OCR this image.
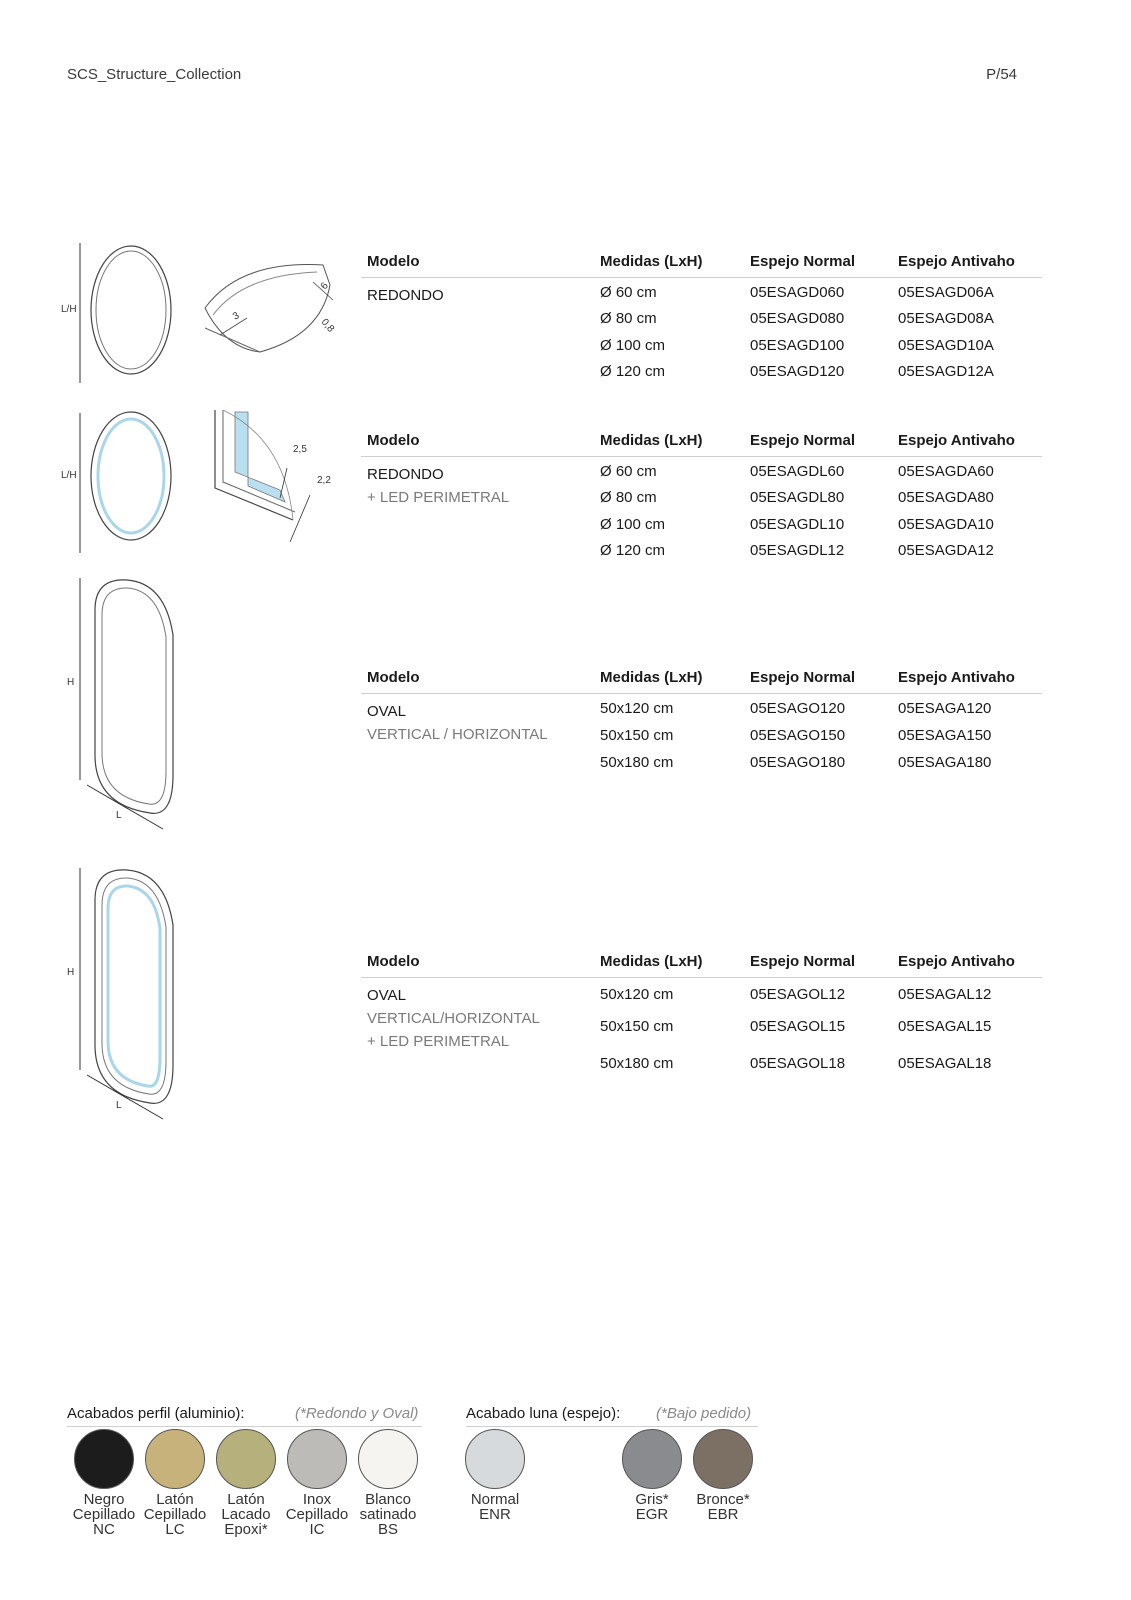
SCS_Structure_Collection	P/54
L/H
3
6
0,8
L/H
2,5
2,2
H
L
H
L
Modelo	Medidas (LxH)	Espejo Normal	Espejo Antivaho
REDONDO	Ø 60 cm	05ESAGD060	05ESAGD06A
Ø 80 cm	05ESAGD080	05ESAGD08A
Ø 100 cm	05ESAGD100	05ESAGD10A
Ø 120 cm	05ESAGD120	05ESAGD12A
Modelo	Medidas (LxH)	Espejo Normal	Espejo Antivaho
REDONDO
+ LED PERIMETRAL
Ø 60 cm	05ESAGDL60	05ESAGDA60
Ø 80 cm	05ESAGDL80	05ESAGDA80
Ø 100 cm	05ESAGDL10	05ESAGDA10
Ø 120 cm	05ESAGDL12	05ESAGDA12
Modelo	Medidas (LxH)	Espejo Normal	Espejo Antivaho
OVAL
VERTICAL / HORIZONTAL
50x120 cm	05ESAGO120	05ESAGA120
50x150 cm	05ESAGO150	05ESAGA150
50x180 cm	05ESAGO180	05ESAGA180
Modelo	Medidas (LxH)	Espejo Normal	Espejo Antivaho
OVAL
VERTICAL/HORIZONTAL
+ LED PERIMETRAL
50x120 cm	05ESAGOL12	05ESAGAL12
50x150 cm	05ESAGOL15	05ESAGAL15
50x180 cm	05ESAGOL18	05ESAGAL18
Acabados perfil (aluminio):	(*Redondo y Oval)	Acabado luna (espejo): (*Bajo pedido)
Negro
Cepillado
NC
Latón
Cepillado
LC
Latón
Lacado
Epoxi*
Inox
Cepillado
IC
Blanco
satinado
BS
Normal
ENR
Gris*
EGR
Bronce*
EBR
